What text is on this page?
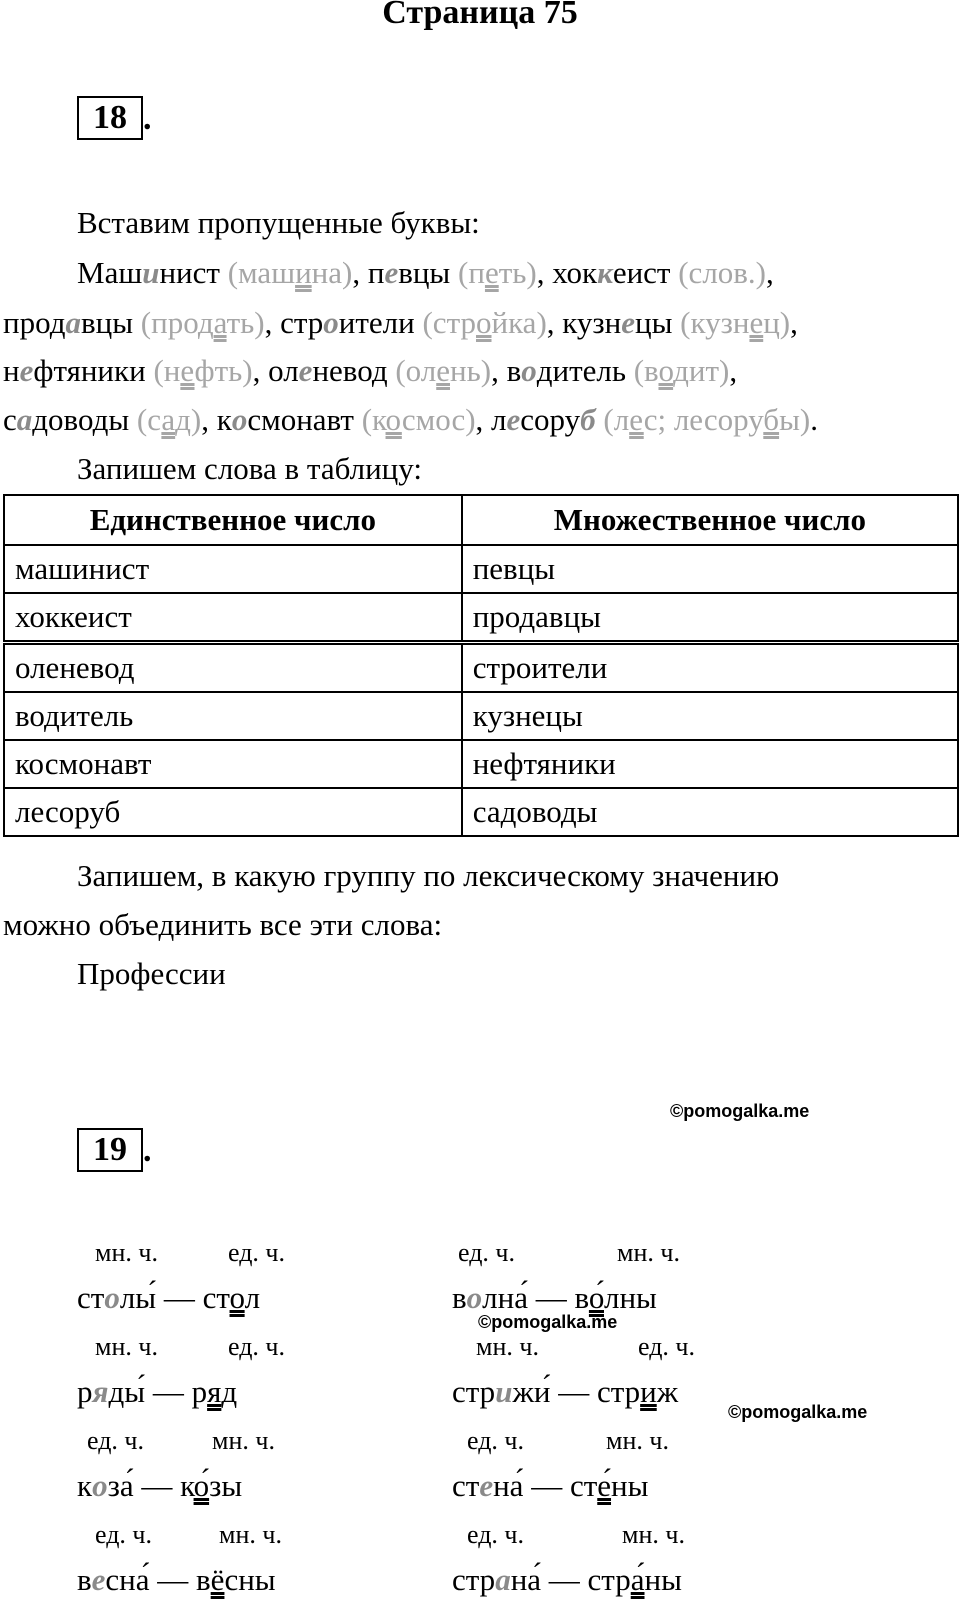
Страница 75
18 .
Вставим пропущенные буквы:
Машинист (машина), певцы (петь), хоккеист (слов.),
продавцы (продать), строители (стройка), кузнецы (кузнец),
нефтяники (нефть), оленевод (олень), водитель (водит),
садоводы (сад), космонавт (космос), лесоруб (лес; лесорубы).
Запишем слова в таблицу:
Единственное число	Множественное число
машинист	певцы
хоккеист	продавцы
оленевод	строители
водитель	кузнецы
космонавт	нефтяники
лесоруб	садоводы
Запишем, в какую группу по лексическому значению
можно объединить все эти слова:
Профессии
©pomogalka.me
19 .
мн. ч.	ед. ч.
столы ́ — стол
мн. ч.	ед. ч.
ряды ́ — ряд
ед. ч.	мн. ч.
коза ́ — ко ́зы
ед. ч.	мн. ч.
весна ́ — вёсны
ед. ч.	мн. ч.
волна ́ — во ́лны
©pomogalka.me
мн. ч.	ед. ч.
стрижи ́ — стриж
©pomogalka.me
ед. ч.	мн. ч.
стена ́ — сте ́ны
ед. ч.	мн. ч.
страна ́ — стра ́ны
